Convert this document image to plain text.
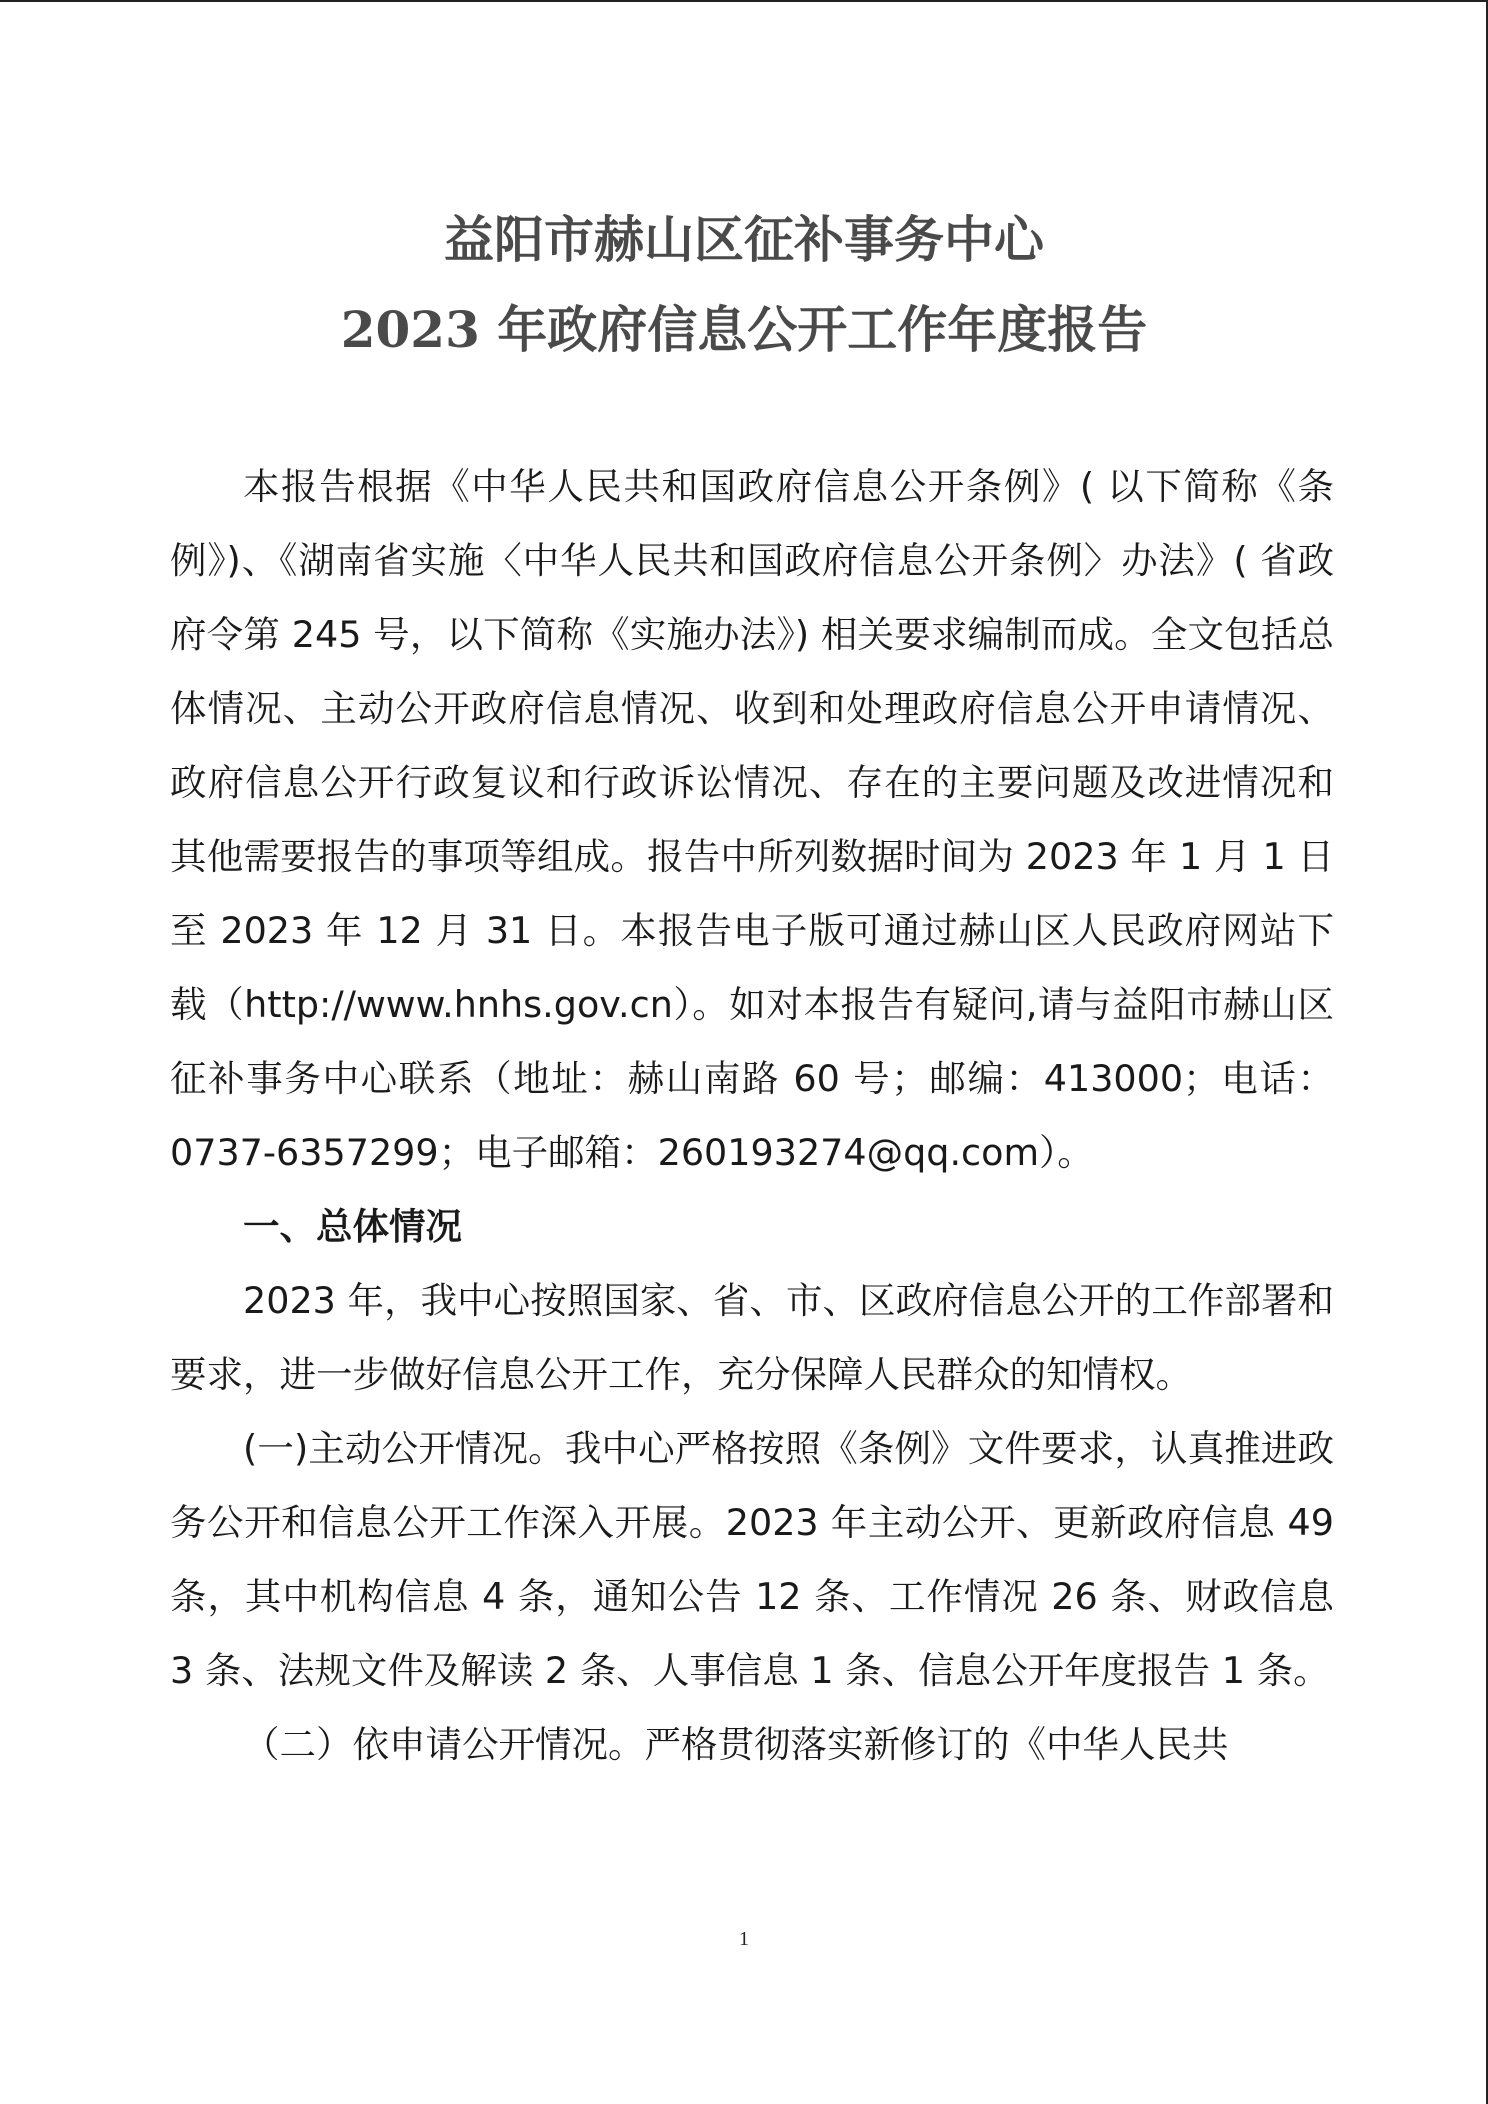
益阳市赫山区征补事务中心
2023 年政府信息公开工作年度报告

本报告根据《中华人民共和国政府信息公开条例》( 以下简称《条例》)、《湖南省实施〈中华人民共和国政府信息公开条例〉办法》( 省政府令第 245 号，以下简称《实施办法》) 相关要求编制而成。全文包括总体情况、主动公开政府信息情况、收到和处理政府信息公开申请情况、政府信息公开行政复议和行政诉讼情况、存在的主要问题及改进情况和其他需要报告的事项等组成。报告中所列数据时间为 2023 年 1 月 1 日至 2023 年 12 月 31 日。本报告电子版可通过赫山区人民政府网站下载（http://www.hnhs.gov.cn）。如对本报告有疑问,请与益阳市赫山区征补事务中心联系（地址：赫山南路 60 号；邮编：413000；电话：0737-6357299；电子邮箱：260193274@qq.com）。

一、总体情况

2023 年，我中心按照国家、省、市、区政府信息公开的工作部署和要求，进一步做好信息公开工作，充分保障人民群众的知情权。

(一)主动公开情况。我中心严格按照《条例》文件要求，认真推进政务公开和信息公开工作深入开展。2023 年主动公开、更新政府信息 49 条，其中机构信息 4 条，通知公告 12 条、工作情况 26 条、财政信息 3 条、法规文件及解读 2 条、人事信息 1 条、信息公开年度报告 1 条。

（二）依申请公开情况。严格贯彻落实新修订的《中华人民共

1
